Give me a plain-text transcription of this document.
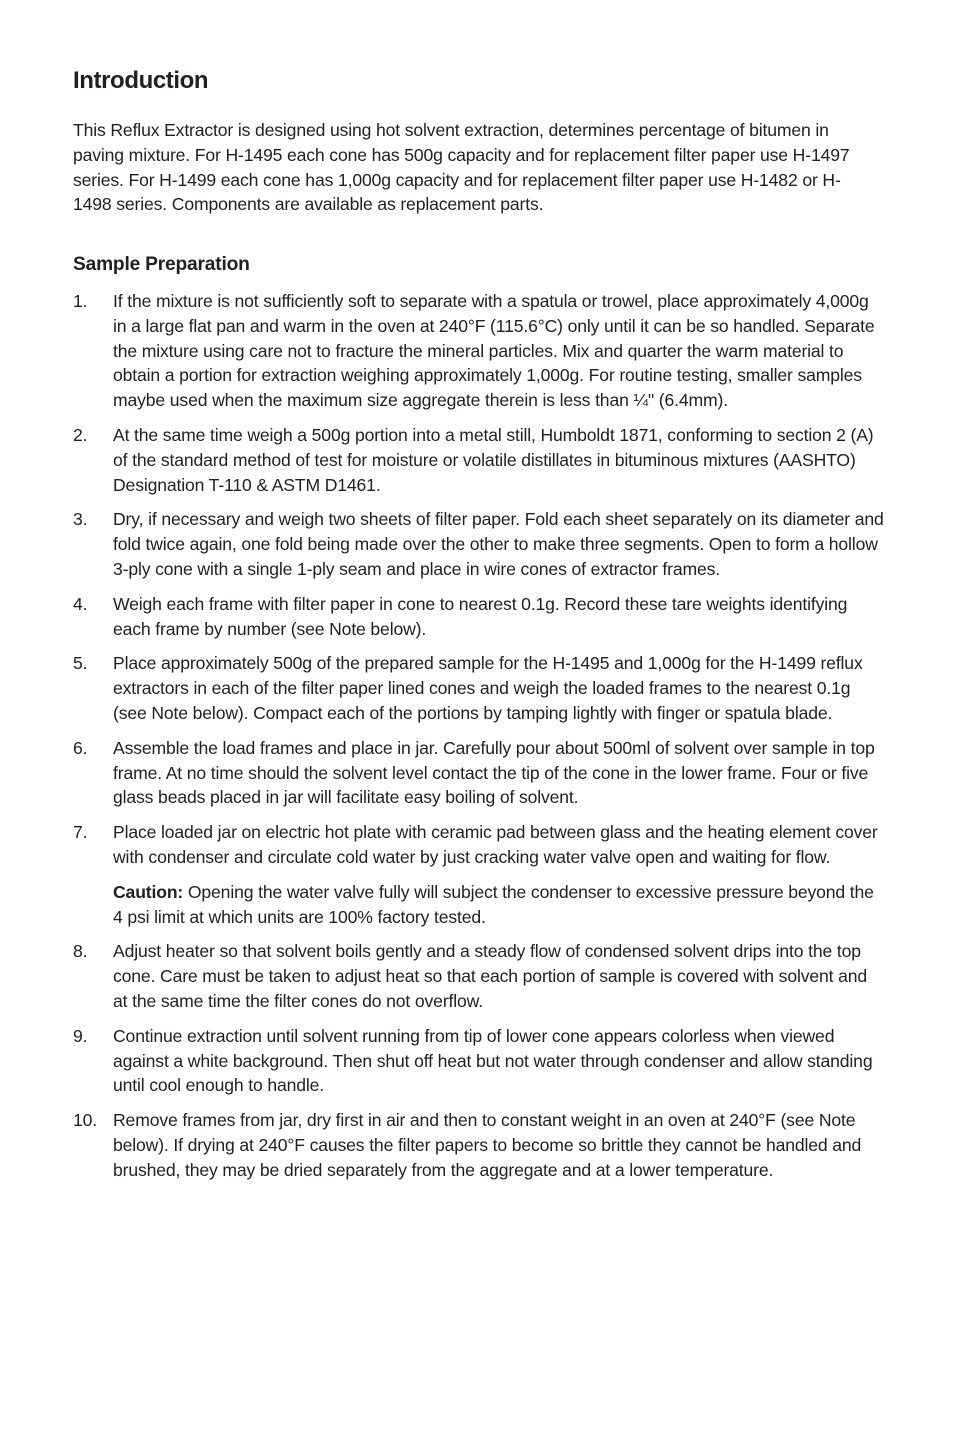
Introduction

This Reflux Extractor is designed using hot solvent extraction, determines percentage of bitumen in paving mixture. For H-1495 each cone has 500g capacity and for replacement filter paper use H-1497 series. For H-1499 each cone has 1,000g capacity and for replacement filter paper use H-1482 or H-1498 series. Components are available as replacement parts.

Sample Preparation
1. If the mixture is not sufficiently soft to separate with a spatula or trowel, place approximately 4,000g in a large flat pan and warm in the oven at 240°F (115.6°C) only until it can be so handled. Separate the mixture using care not to fracture the mineral particles. Mix and quarter the warm material to obtain a portion for extraction weighing approximately 1,000g. For routine testing, smaller samples maybe used when the maximum size aggregate therein is less than ¼" (6.4mm).

2. At the same time weigh a 500g portion into a metal still, Humboldt 1871, conforming to section 2 (A) of the standard method of test for moisture or volatile distillates in bituminous mixtures (AASHTO) Designation T-110 & ASTM D1461.

3. Dry, if necessary and weigh two sheets of filter paper. Fold each sheet separately on its diameter and fold twice again, one fold being made over the other to make three segments. Open to form a hollow 3-ply cone with a single 1-ply seam and place in wire cones of extractor frames.

4. Weigh each frame with filter paper in cone to nearest 0.1g. Record these tare weights identifying each frame by number (see Note below).

5. Place approximately 500g of the prepared sample for the H-1495 and 1,000g for the H-1499 reflux extractors in each of the filter paper lined cones and weigh the loaded frames to the nearest 0.1g (see Note below). Compact each of the portions by tamping lightly with finger or spatula blade.

6. Assemble the load frames and place in jar. Carefully pour about 500ml of solvent over sample in top frame. At no time should the solvent level contact the tip of the cone in the lower frame. Four or five glass beads placed in jar will facilitate easy boiling of solvent.

7. Place loaded jar on electric hot plate with ceramic pad between glass and the heating element cover with condenser and circulate cold water by just cracking water valve open and waiting for flow.

Caution: Opening the water valve fully will subject the condenser to excessive pressure beyond the 4 psi limit at which units are 100% factory tested.

8. Adjust heater so that solvent boils gently and a steady flow of condensed solvent drips into the top cone. Care must be taken to adjust heat so that each portion of sample is covered with solvent and at the same time the filter cones do not overflow.

9. Continue extraction until solvent running from tip of lower cone appears colorless when viewed against a white background. Then shut off heat but not water through condenser and allow standing until cool enough to handle.

10. Remove frames from jar, dry first in air and then to constant weight in an oven at 240°F (see Note below). If drying at 240°F causes the filter papers to become so brittle they cannot be handled and brushed, they may be dried separately from the aggregate and at a lower temperature.
